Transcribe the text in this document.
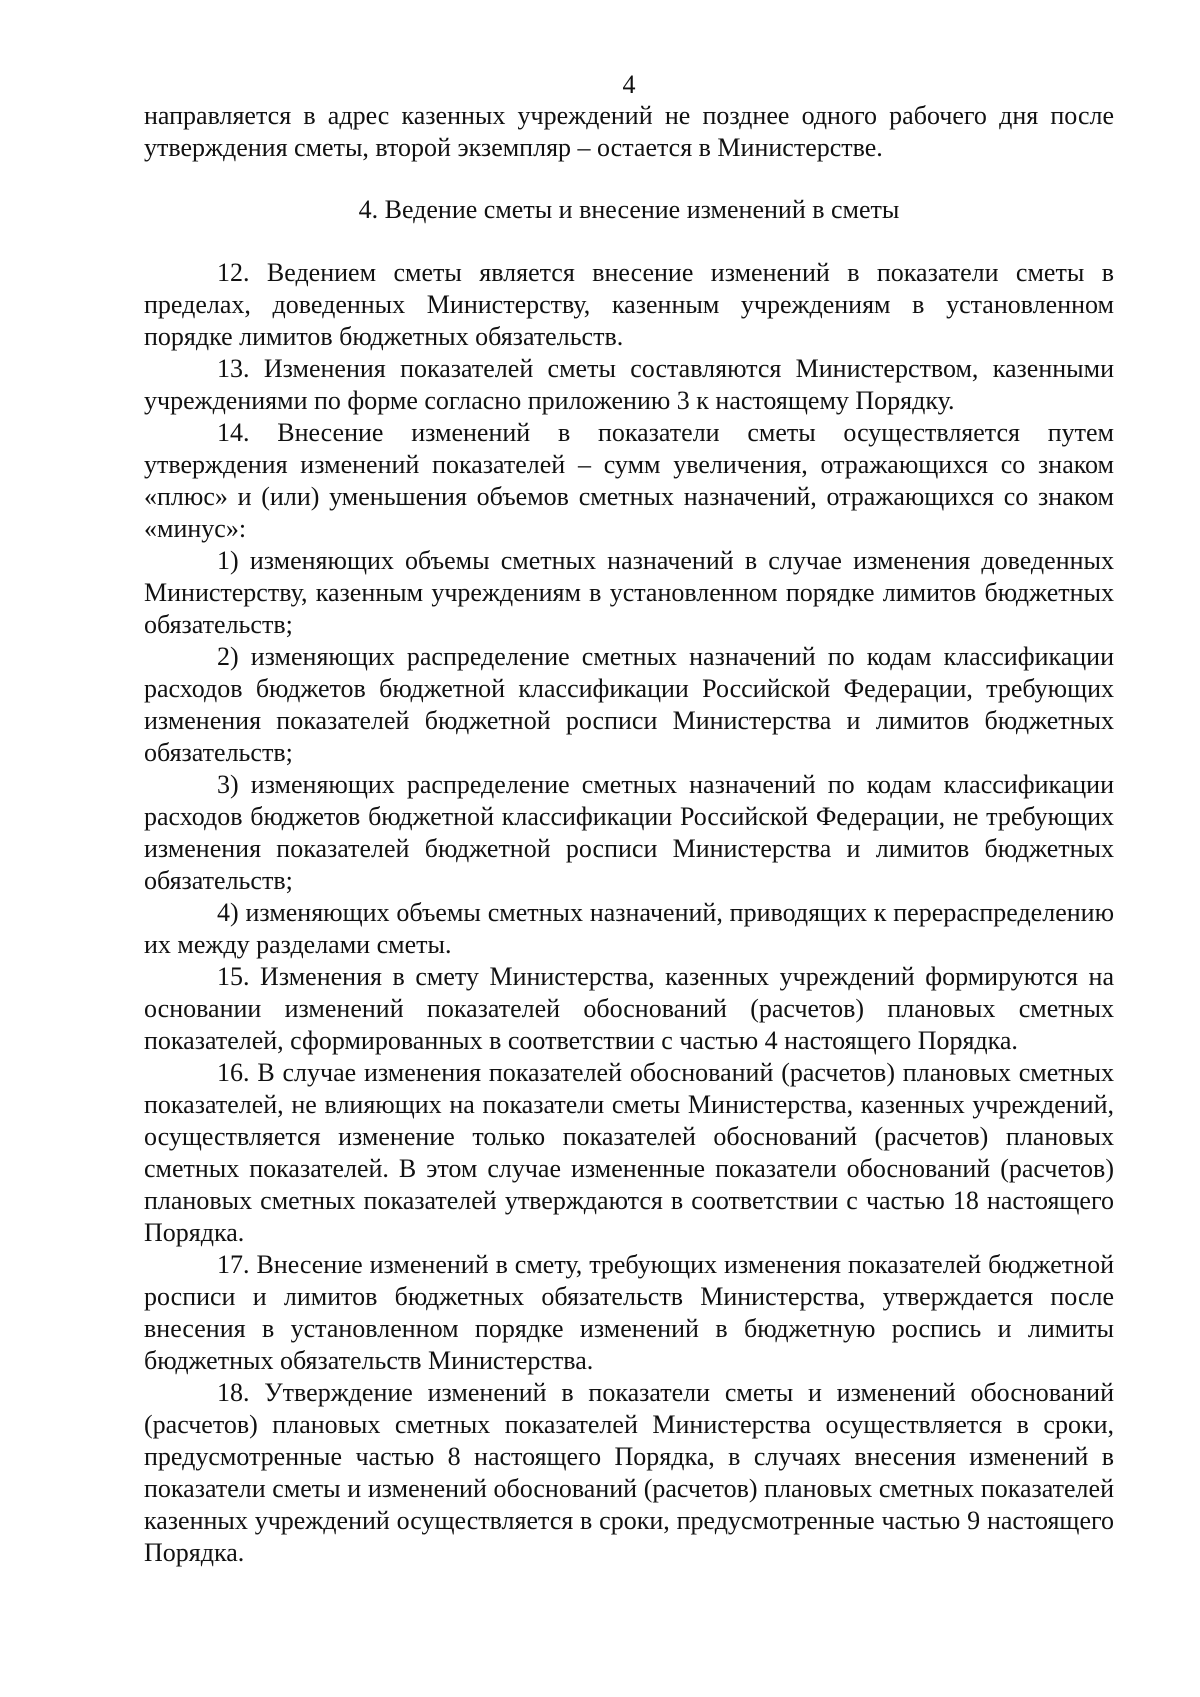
4

направляется в адрес казенных учреждений не позднее одного рабочего дня после утверждения сметы, второй экземпляр – остается в Министерстве.

4. Ведение сметы и внесение изменений в сметы

12. Ведением сметы является внесение изменений в показатели сметы в пределах, доведенных Министерству, казенным учреждениям в установленном порядке лимитов бюджетных обязательств.

13. Изменения показателей сметы составляются Министерством, казенными учреждениями по форме согласно приложению 3 к настоящему Порядку.

14. Внесение изменений в показатели сметы осуществляется путем утверждения изменений показателей – сумм увеличения, отражающихся со знаком «плюс» и (или) уменьшения объемов сметных назначений, отражающихся со знаком «минус»:

1) изменяющих объемы сметных назначений в случае изменения доведенных Министерству, казенным учреждениям в установленном порядке лимитов бюджетных обязательств;

2) изменяющих распределение сметных назначений по кодам классификации расходов бюджетов бюджетной классификации Российской Федерации, требующих изменения показателей бюджетной росписи Министерства и лимитов бюджетных обязательств;

3) изменяющих распределение сметных назначений по кодам классификации расходов бюджетов бюджетной классификации Российской Федерации, не требующих изменения показателей бюджетной росписи Министерства и лимитов бюджетных обязательств;

4) изменяющих объемы сметных назначений, приводящих к перераспределению их между разделами сметы.

15. Изменения в смету Министерства, казенных учреждений формируются на основании изменений показателей обоснований (расчетов) плановых сметных показателей, сформированных в соответствии с частью 4 настоящего Порядка.

16. В случае изменения показателей обоснований (расчетов) плановых сметных показателей, не влияющих на показатели сметы Министерства, казенных учреждений, осуществляется изменение только показателей обоснований (расчетов) плановых сметных показателей. В этом случае измененные показатели обоснований (расчетов) плановых сметных показателей утверждаются в соответствии с частью 18 настоящего Порядка.

17. Внесение изменений в смету, требующих изменения показателей бюджетной росписи и лимитов бюджетных обязательств Министерства, утверждается после внесения в установленном порядке изменений в бюджетную роспись и лимиты бюджетных обязательств Министерства.

18. Утверждение изменений в показатели сметы и изменений обоснований (расчетов) плановых сметных показателей Министерства осуществляется в сроки, предусмотренные частью 8 настоящего Порядка, в случаях внесения изменений в показатели сметы и изменений обоснований (расчетов) плановых сметных показателей казенных учреждений осуществляется в сроки, предусмотренные частью 9 настоящего Порядка.
